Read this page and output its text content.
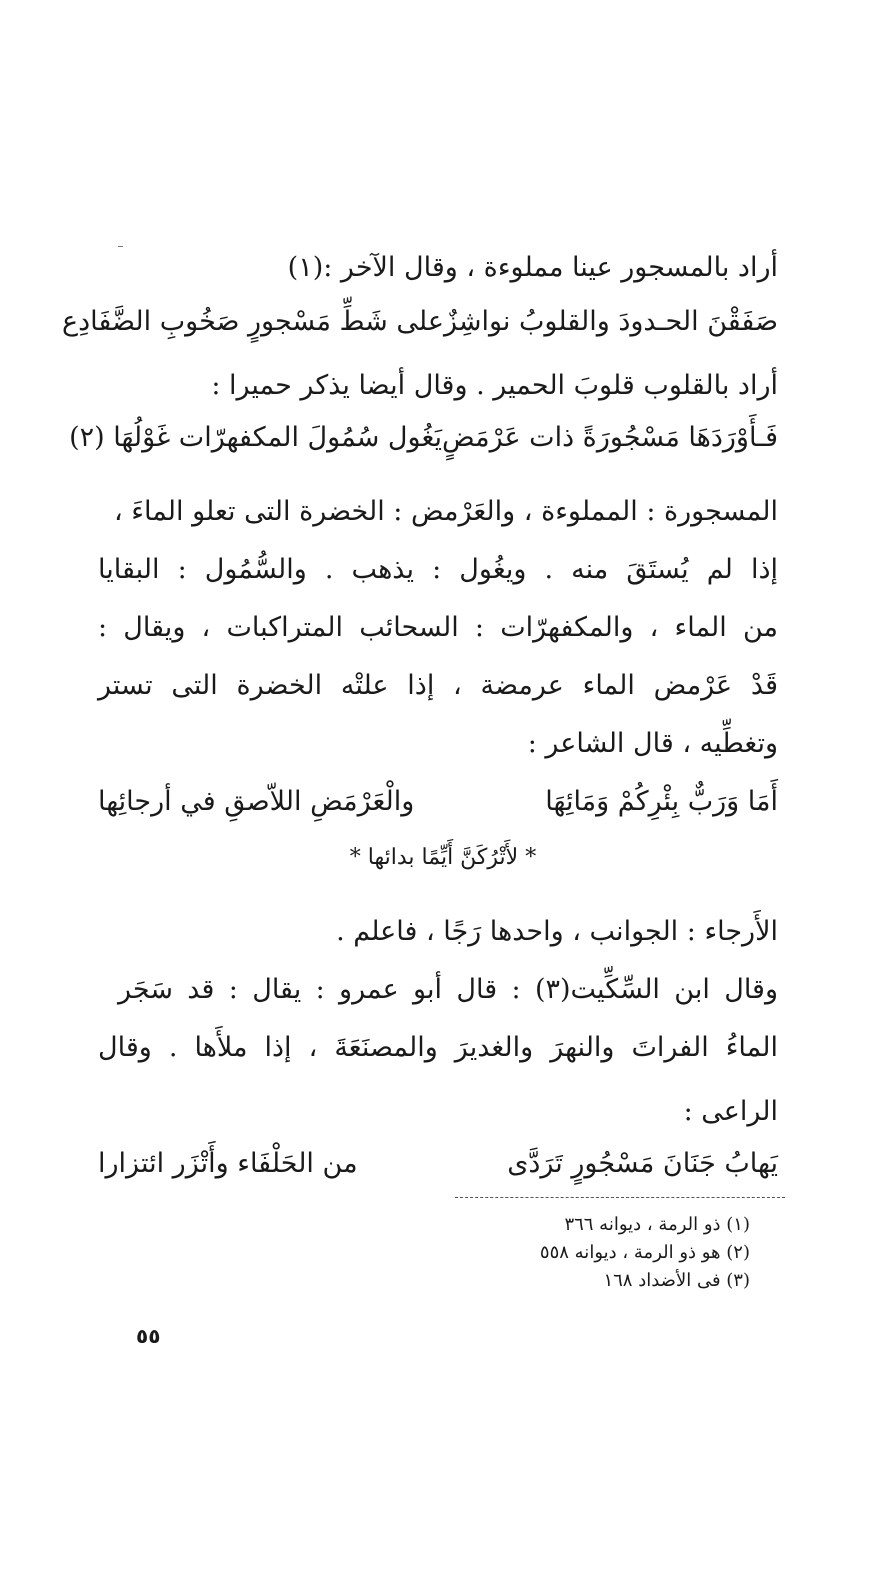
أراد بالمسجور عينا مملوءة ، وقال الآخر :(١)
صَفَقْنَ الحـدودَ والقلوبُ نواشِزٌ
على شَطِّ مَسْجورٍ صَخُوبِ الضَّفَادِع
أراد بالقلوب قلوبَ الحمير . وقال أيضا يذكر حميرا :
فَـأَوْرَدَهَا مَسْجُورَةً ذات عَرْمَضٍ
يَغُول سُمُولَ المكفهرّات غَوْلُهَا (٢)
المسجورة : المملوءة ، والعَرْمض : الخضرة التى تعلو الماءَ ،
إذا لم يُستَقَ منه . ويغُول : يذهب . والسُّمُول : البقايا
من الماء ، والمكفهرّات : السحائب المتراكبات ، ويقال :
قَدْ عَرْمض الماء عرمضة ، إذا علتْه الخضرة التى تستر
وتغطِّيه ، قال الشاعر :
أَمَا وَرَبٌّ بِئْرِكُمْ وَمَائِهَا
والْعَرْمَضِ اللاّصقِ في أرجائِها
* لأَتْرُكَنَّ أَيِّمًا بدائها *
الأَرجاء : الجوانب ، واحدها رَجًا ، فاعلم .
وقال ابن السِّكِّيت(٣) : قال أبو عمرو : يقال : قد سَجَر
الماءُ الفراتَ والنهرَ والغديرَ والمصنَعَةَ ، إذا ملأَها . وقال
الراعى :
يَهابُ جَنَانَ مَسْجُورٍ تَرَدَّى
من الحَلْفَاء وأَتْزَر ائتزارا
(١) ذو الرمة ، ديوانه ٣٦٦
(٢) هو ذو الرمة ، ديوانه ٥٥٨
(٣) فى الأضداد ١٦٨
٥٥
